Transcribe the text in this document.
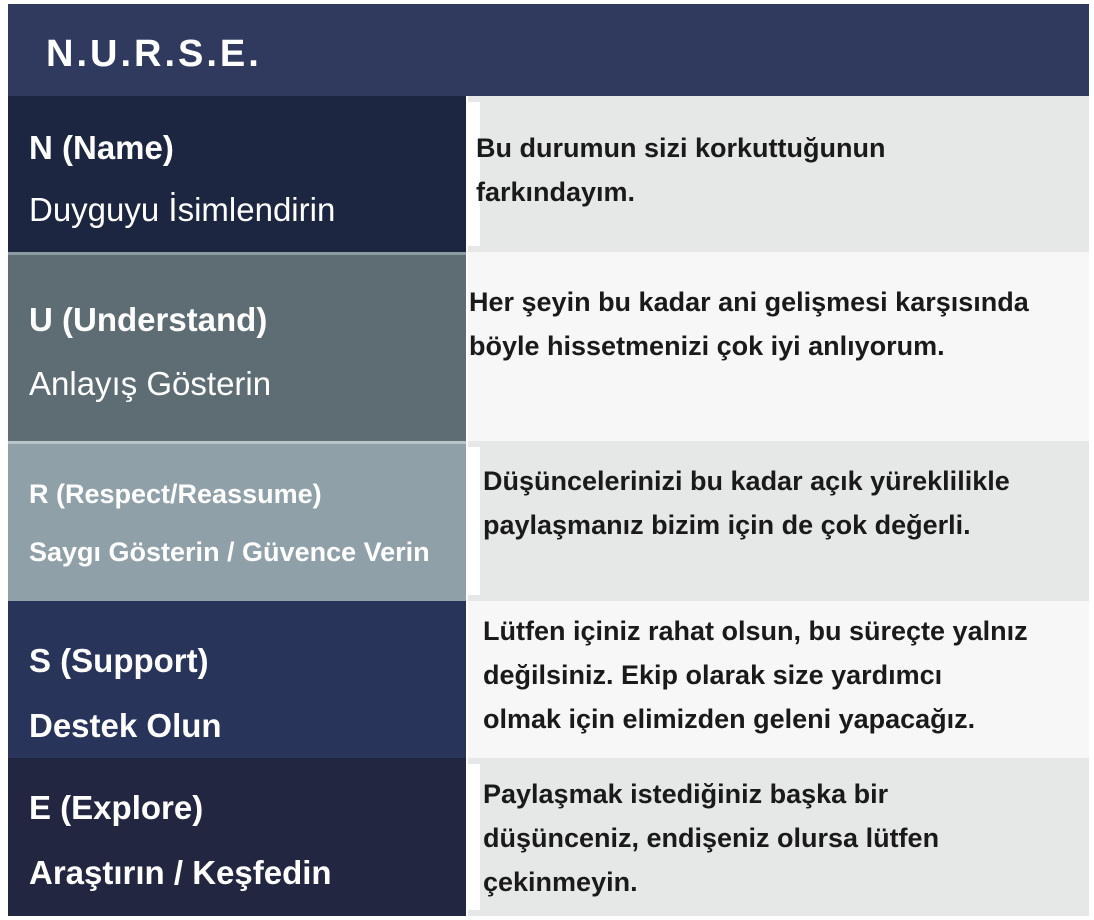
N.U.R.S.E.
N (Name)
Duyguyu İsimlendirin
Bu durumun sizi korkuttuğunun
farkındayım.
U (Understand)
Anlayış Gösterin
Her şeyin bu kadar ani gelişmesi karşısında
böyle hissetmenizi çok iyi anlıyorum.
R (Respect/Reassume)
Saygı Gösterin / Güvence Verin
Düşüncelerinizi bu kadar açık yüreklilikle
paylaşmanız bizim için de çok değerli.
S (Support)
Destek Olun
Lütfen içiniz rahat olsun, bu süreçte yalnız
değilsiniz. Ekip olarak size yardımcı
olmak için elimizden geleni yapacağız.
E (Explore)
Araştırın / Keşfedin
Paylaşmak istediğiniz başka bir
düşünceniz, endişeniz olursa lütfen
çekinmeyin.
